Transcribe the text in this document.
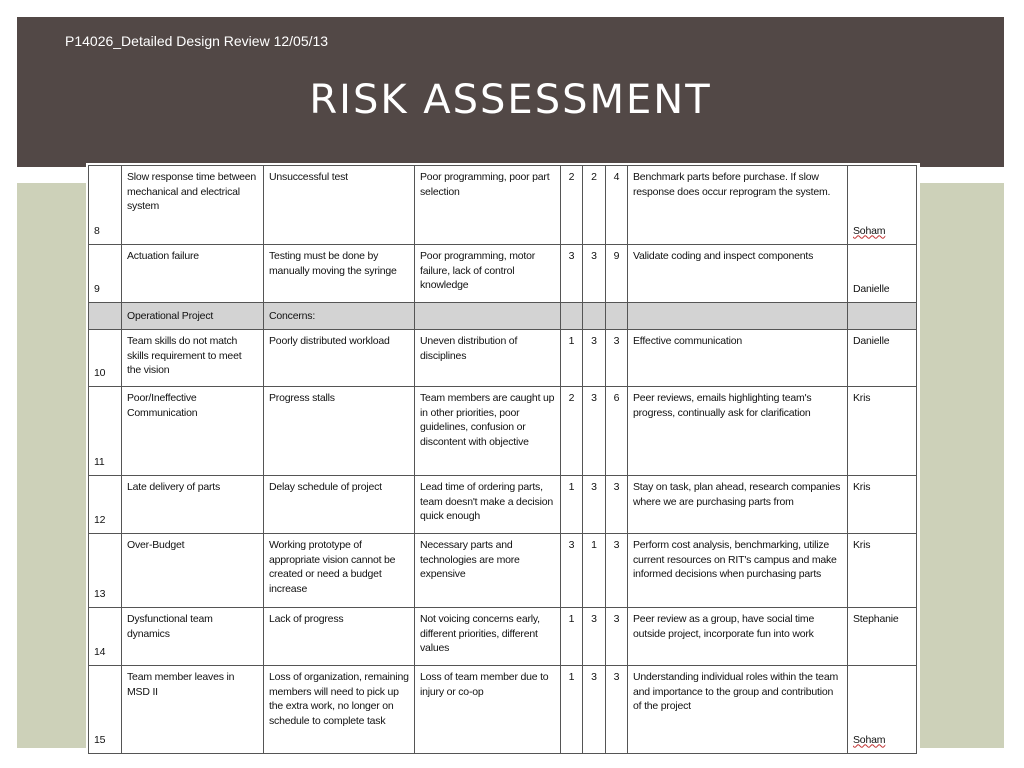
P14026_Detailed Design Review 12/05/13
RISK ASSESSMENT
8	Slow response time between mechanical and electrical system	Unsuccessful test	Poor programming, poor part selection	2	2	4	Benchmark parts before purchase. If slow response does occur reprogram the system.	Soham
9	Actuation failure	Testing must be done by manually moving the syringe	Poor programming, motor failure, lack of control knowledge	3	3	9	Validate coding and inspect components	Danielle
	Operational Project	Concerns:						
10	Team skills do not match skills requirement to meet the vision	Poorly distributed workload	Uneven distribution of disciplines	1	3	3	Effective communication	Danielle
11	Poor/Ineffective Communication	Progress stalls	Team members are caught up in other priorities, poor guidelines, confusion or discontent with objective	2	3	6	Peer reviews, emails highlighting team's progress, continually ask for clarification	Kris
12	Late delivery of parts	Delay schedule of project	Lead time of ordering parts, team doesn't make a decision quick enough	1	3	3	Stay on task, plan ahead, research companies where we are purchasing parts from	Kris
13	Over-Budget	Working prototype of appropriate vision cannot be created or need a budget increase	Necessary parts and technologies are more expensive	3	1	3	Perform cost analysis, benchmarking, utilize current resources on RIT's campus and make informed decisions when purchasing parts	Kris
14	Dysfunctional team dynamics	Lack of progress	Not voicing concerns early, different priorities, different values	1	3	3	Peer review as a group, have social time outside project, incorporate fun into work	Stephanie
15	Team member leaves in MSD II	Loss of organization, remaining members will need to pick up the extra work, no longer on schedule to complete task	Loss of team member due to injury or co-op	1	3	3	Understanding individual roles within the team and importance to the group and contribution of the project	Soham
